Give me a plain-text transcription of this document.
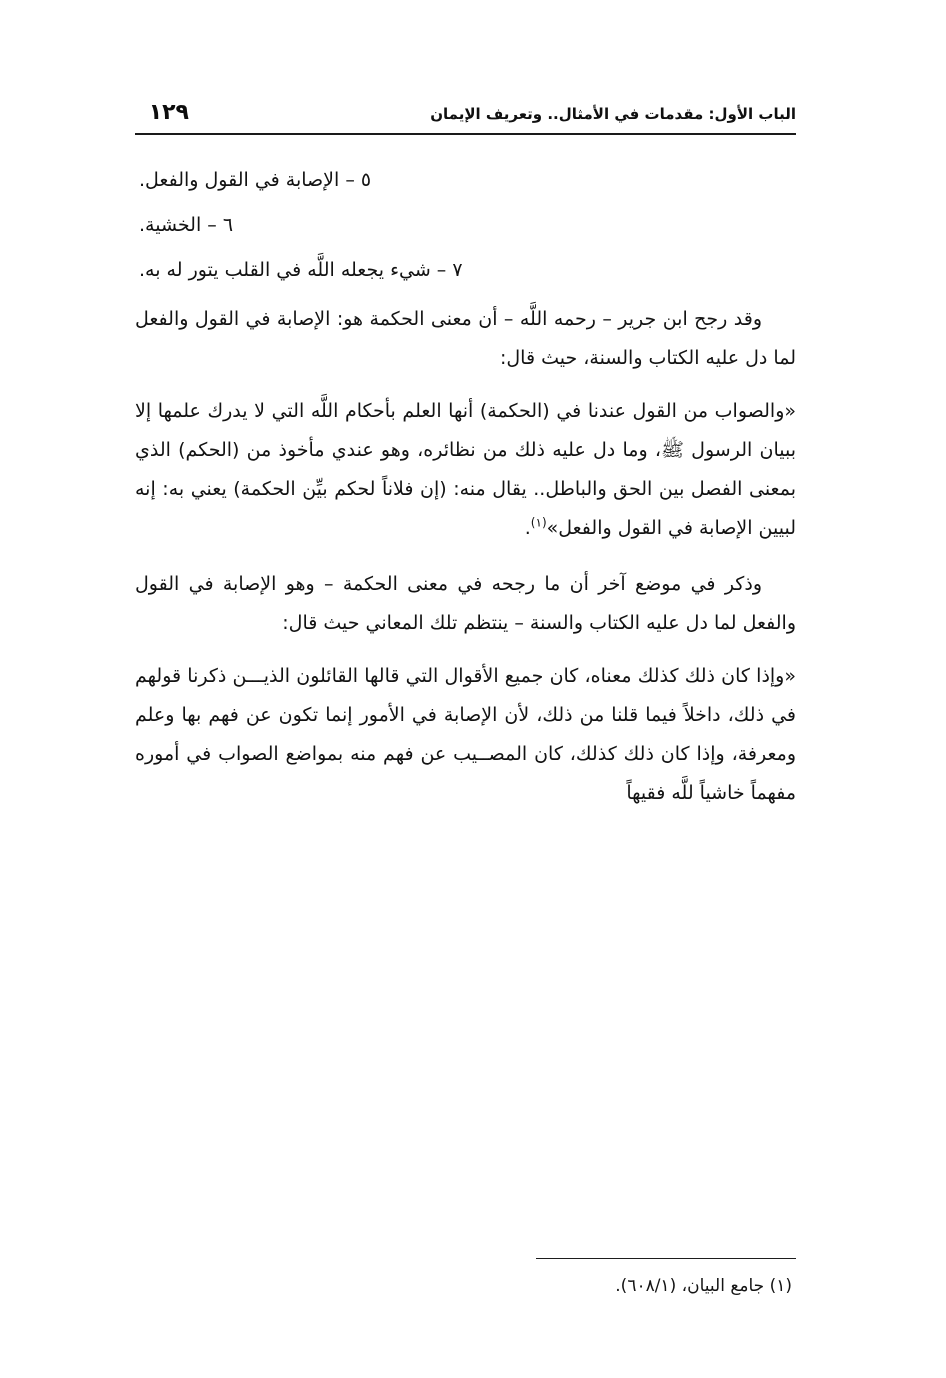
الباب الأول: مقدمات في الأمثال.. وتعريف الإيمان
١٢٩
٥ – الإصابة في القول والفعل.
٦ – الخشية.
٧ – شيء يجعله اللَّه في القلب يتور له به.

وقد رجح ابن جرير – رحمه اللَّه – أن معنى الحكمة هو: الإصابة في القول والفعل لما دل عليه الكتاب والسنة، حيث قال:

«والصواب من القول عندنا في (الحكمة) أنها العلم بأحكام اللَّه التي لا يدرك علمها إلا ببيان الرسول ﷺ، وما دل عليه ذلك من نظائره، وهو عندي مأخوذ من (الحكم) الذي بمعنى الفصل بين الحق والباطل.. يقال منه: (إن فلاناً لحكم بيِّن الحكمة) يعني به: إنه لبيين الإصابة في القول والفعل»$^{(١)}$.

وذكر في موضع آخر أن ما رجحه في معنى الحكمة – وهو الإصابة في القول والفعل لما دل عليه الكتاب والسنة – ينتظم تلك المعاني حيث قال:

«وإذا كان ذلك كذلك معناه، كان جميع الأقوال التي قالها القائلون الذيـــن ذكرنا قولهم في ذلك، داخلاً فيما قلنا من ذلك، لأن الإصابة في الأمور إنما تكون عن فهم بها وعلم ومعرفة، وإذا كان ذلك كذلك، كان المصــيب عن فهم منه بمواضع الصواب في أموره مفهماً خاشياً للَّه فقيهاً

(١) جامع البيان، (٦٠٨/١).
